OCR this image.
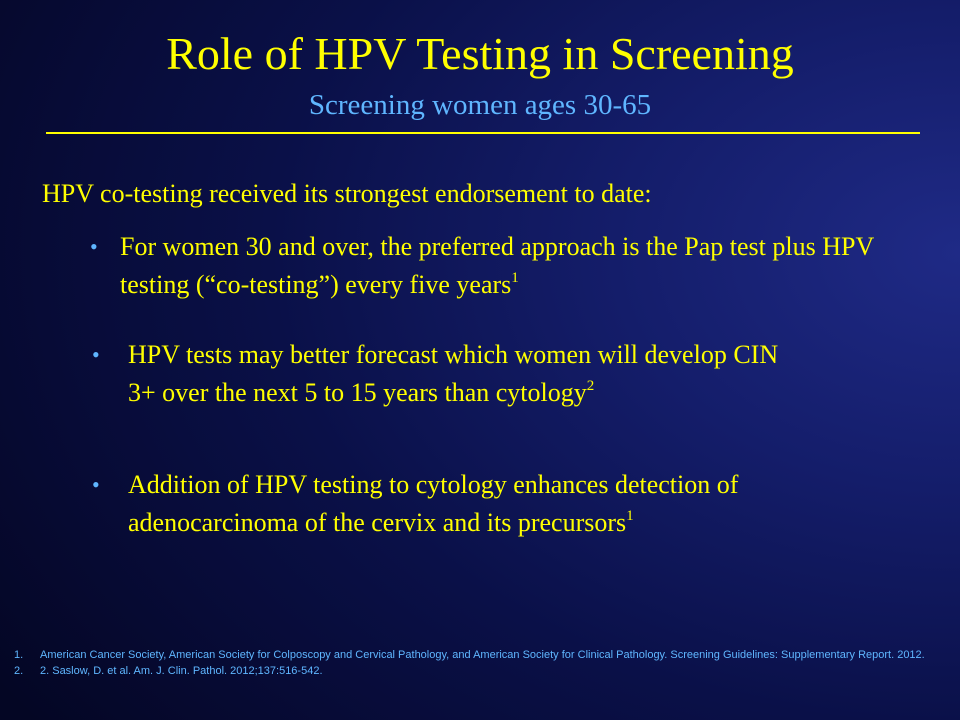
Role of HPV Testing in Screening
Screening women ages 30-65
HPV co-testing received its strongest endorsement to date:
• For women 30 and over, the preferred approach is the Pap test plus HPV testing (“co-testing”) every five years$^1$
• HPV tests may better forecast which women will develop CIN 3+ over the next 5 to 15 years than cytology$^2$
• Addition of HPV testing to cytology enhances detection of adenocarcinoma of the cervix and its precursors$^1$
1. American Cancer Society, American Society for Colposcopy and Cervical Pathology, and American Society for Clinical Pathology. Screening Guidelines: Supplementary Report. 2012.
2. 2. Saslow, D. et al. Am. J. Clin. Pathol. 2012;137:516-542.
